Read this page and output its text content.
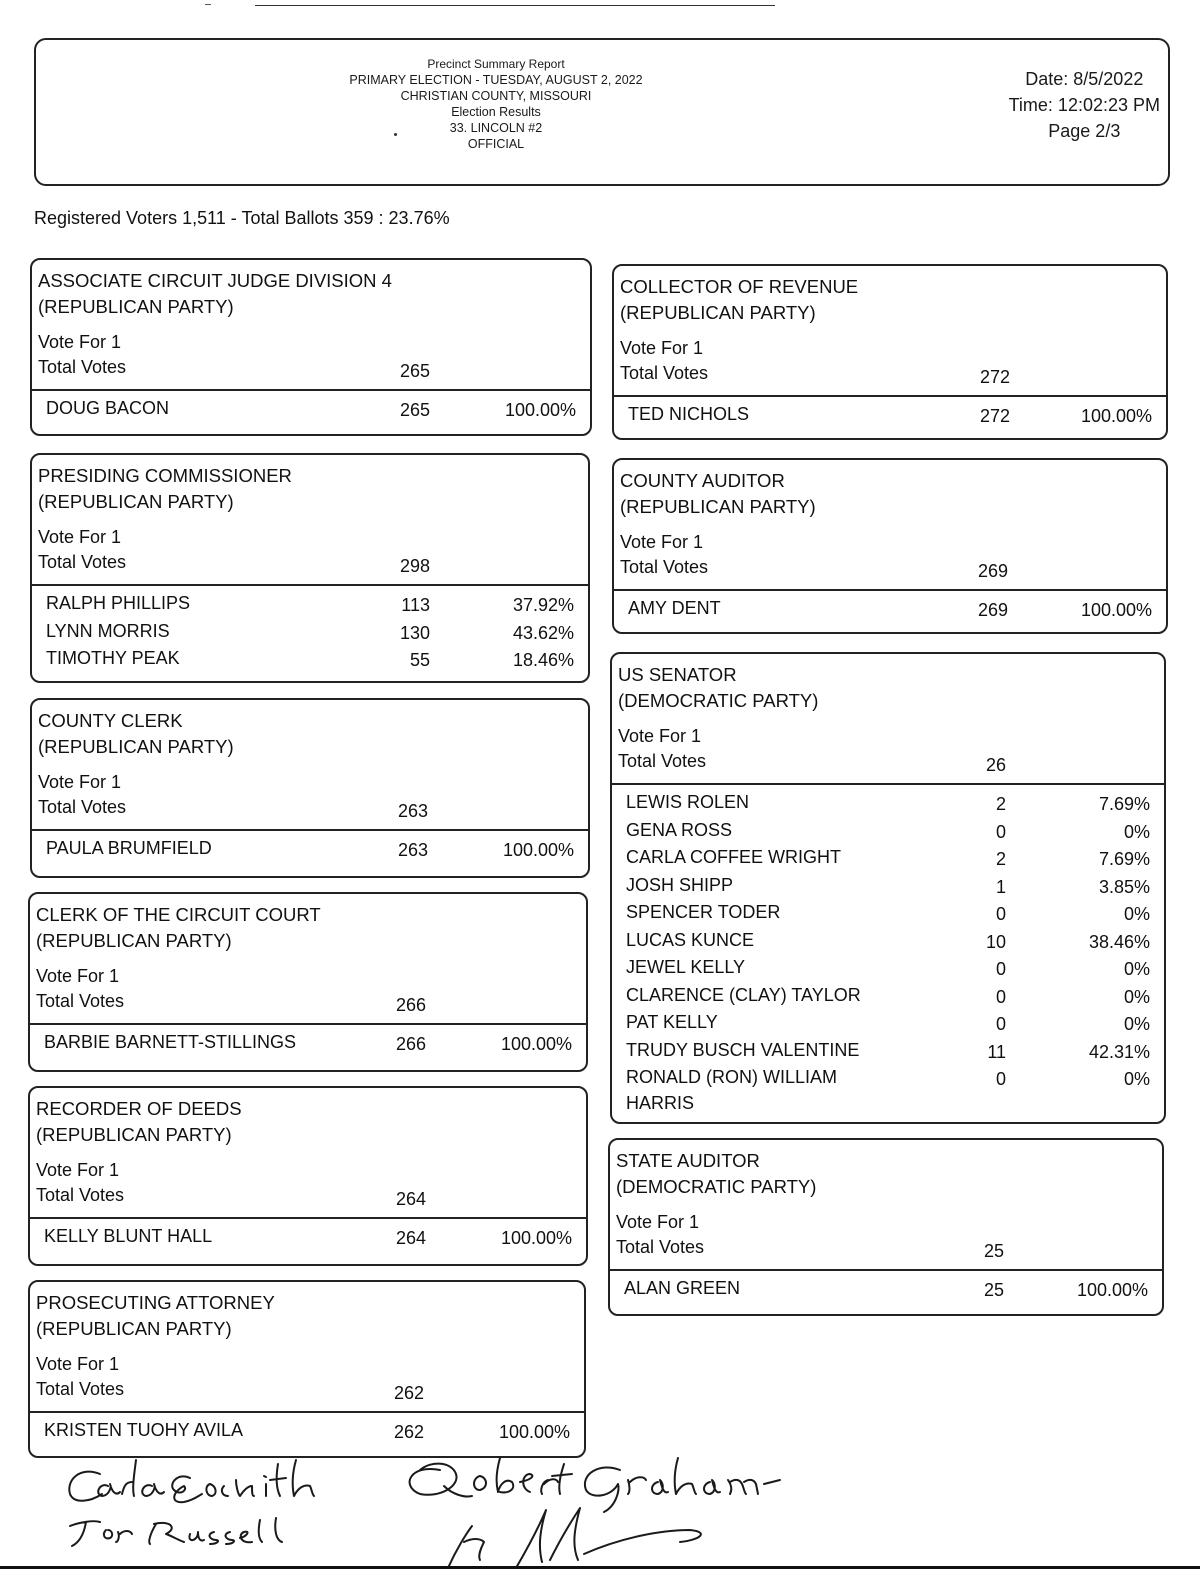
Precinct Summary Report
PRIMARY ELECTION - TUESDAY, AUGUST 2, 2022
CHRISTIAN COUNTY, MISSOURI
Election Results
33. LINCOLN #2
OFFICIAL
Date: 8/5/2022
Time: 12:02:23 PM
Page 2/3
Registered Voters 1,511 - Total Ballots 359 : 23.76%
ASSOCIATE CIRCUIT JUDGE DIVISION 4
(REPUBLICAN PARTY)
Vote For 1
Total Votes	265
DOUG BACON	265	100.00%
PRESIDING COMMISSIONER
(REPUBLICAN PARTY)
Vote For 1
Total Votes	298
RALPH PHILLIPS	113	37.92%
LYNN MORRIS	130	43.62%
TIMOTHY PEAK	55	18.46%
COUNTY CLERK
(REPUBLICAN PARTY)
Vote For 1
Total Votes	263
PAULA BRUMFIELD	263	100.00%
CLERK OF THE CIRCUIT COURT
(REPUBLICAN PARTY)
Vote For 1
Total Votes	266
BARBIE BARNETT-STILLINGS	266	100.00%
RECORDER OF DEEDS
(REPUBLICAN PARTY)
Vote For 1
Total Votes	264
KELLY BLUNT HALL	264	100.00%
PROSECUTING ATTORNEY
(REPUBLICAN PARTY)
Vote For 1
Total Votes	262
KRISTEN TUOHY AVILA	262	100.00%
COLLECTOR OF REVENUE
(REPUBLICAN PARTY)
Vote For 1
Total Votes	272
TED NICHOLS	272	100.00%
COUNTY AUDITOR
(REPUBLICAN PARTY)
Vote For 1
Total Votes	269
AMY DENT	269	100.00%
US SENATOR
(DEMOCRATIC PARTY)
Vote For 1
Total Votes	26
LEWIS ROLEN	2	7.69%
GENA ROSS	0	0%
CARLA COFFEE WRIGHT	2	7.69%
JOSH SHIPP	1	3.85%
SPENCER TODER	0	0%
LUCAS KUNCE	10	38.46%
JEWEL KELLY	0	0%
CLARENCE (CLAY) TAYLOR	0	0%
PAT KELLY	0	0%
TRUDY BUSCH VALENTINE	11	42.31%
RONALD (RON) WILLIAM	0	0%
HARRIS
STATE AUDITOR
(DEMOCRATIC PARTY)
Vote For 1
Total Votes	25
ALAN GREEN	25	100.00%
